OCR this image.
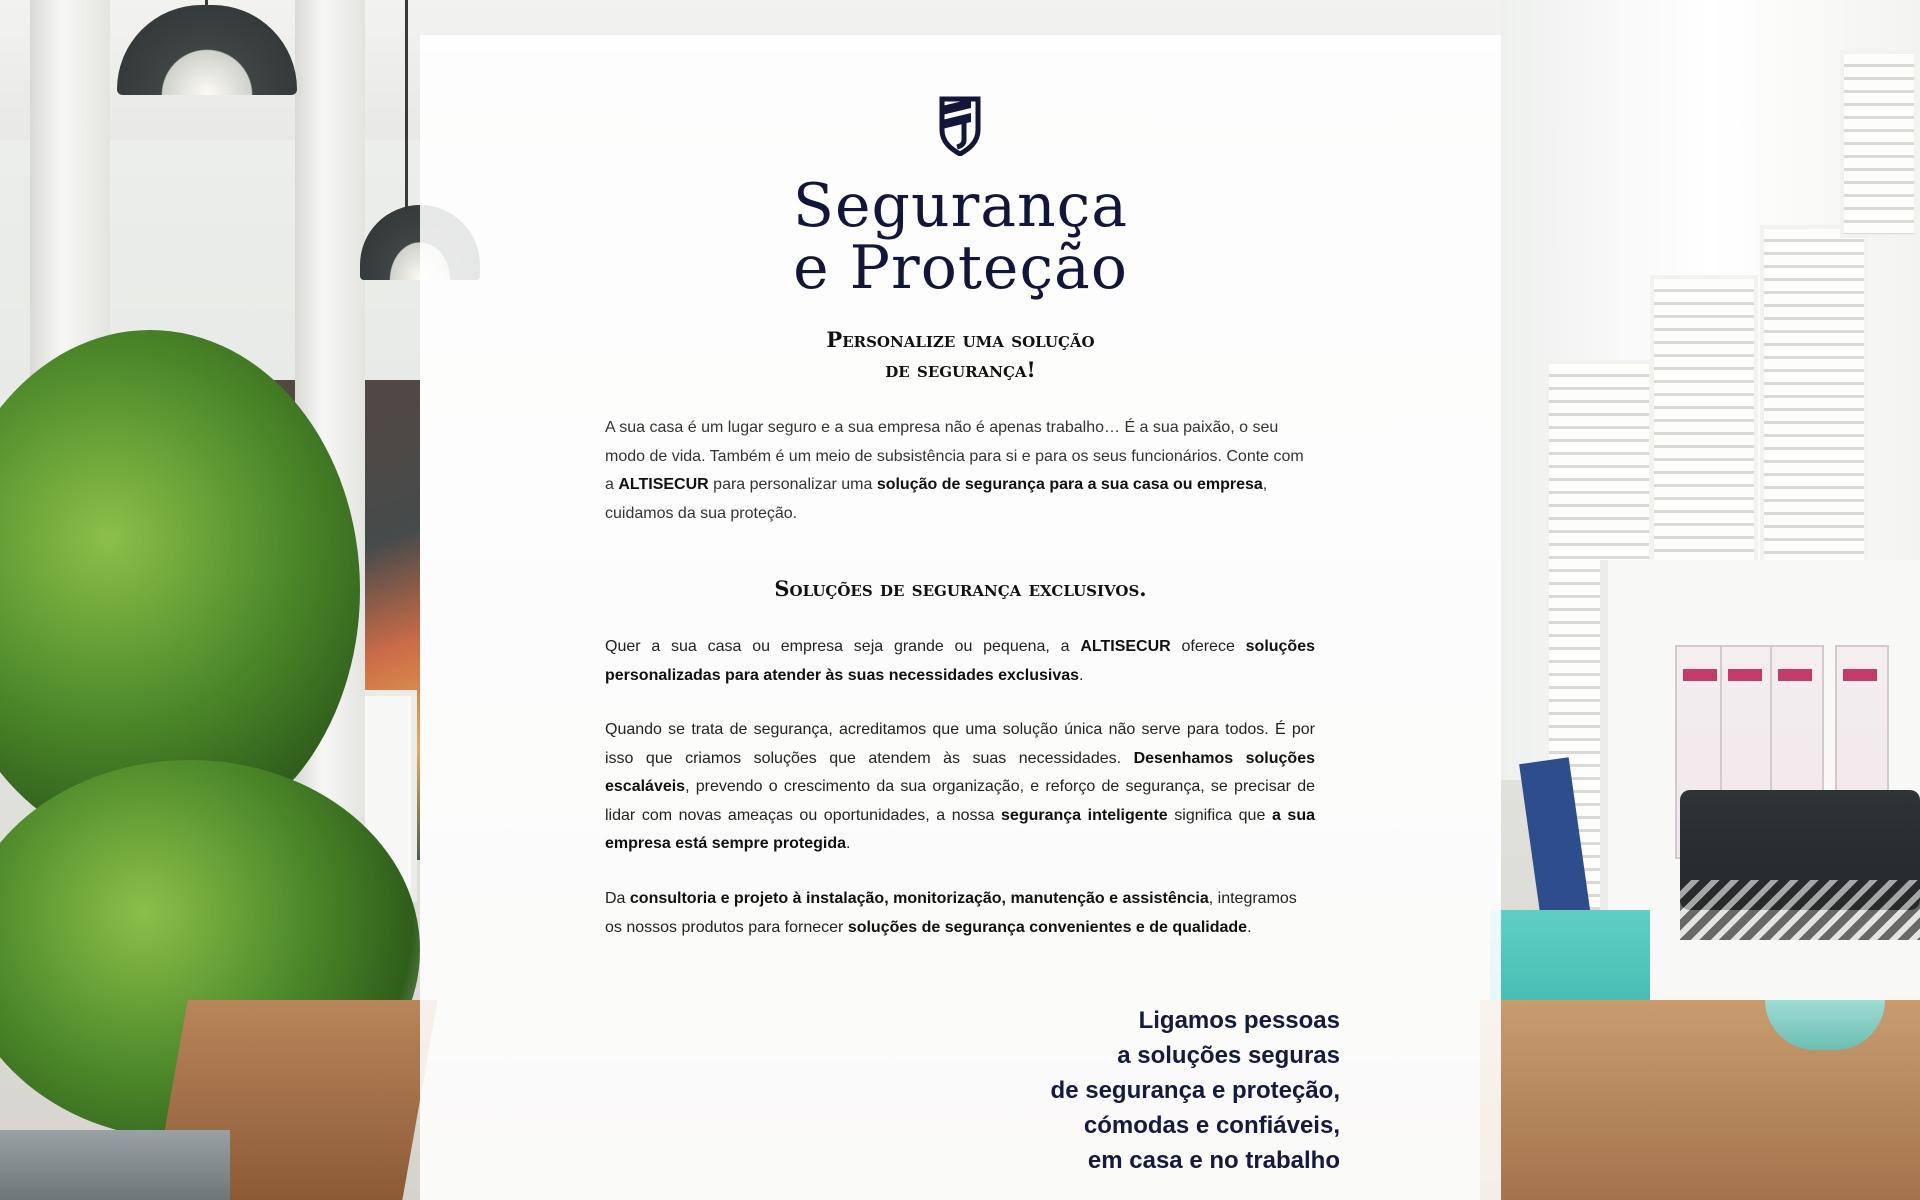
Segurança
e Proteção
Personalize uma solução
de segurança!

A sua casa é um lugar seguro e a sua empresa não é apenas trabalho… É a sua paixão, o seu modo de vida. Também é um meio de subsistência para si e para os seus funcionários. Conte com a ALTISECUR para personalizar uma solução de segurança para a sua casa ou empresa, cuidamos da sua proteção.

Soluções de segurança exclusivos.

Quer a sua casa ou empresa seja grande ou pequena, a ALTISECUR oferece soluções personalizadas para atender às suas necessidades exclusivas.

Quando se trata de segurança, acreditamos que uma solução única não serve para todos. É por isso que criamos soluções que atendem às suas necessidades. Desenhamos soluções escaláveis, prevendo o crescimento da sua organização, e reforço de segurança, se precisar de lidar com novas ameaças ou oportunidades, a nossa segurança inteligente significa que a sua empresa está sempre protegida.

Da consultoria e projeto à instalação, monitorização, manutenção e assistência, integramos os nossos produtos para fornecer soluções de segurança convenientes e de qualidade.

Ligamos pessoas
a soluções seguras
de segurança e proteção,
cómodas e confiáveis,
em casa e no trabalho
